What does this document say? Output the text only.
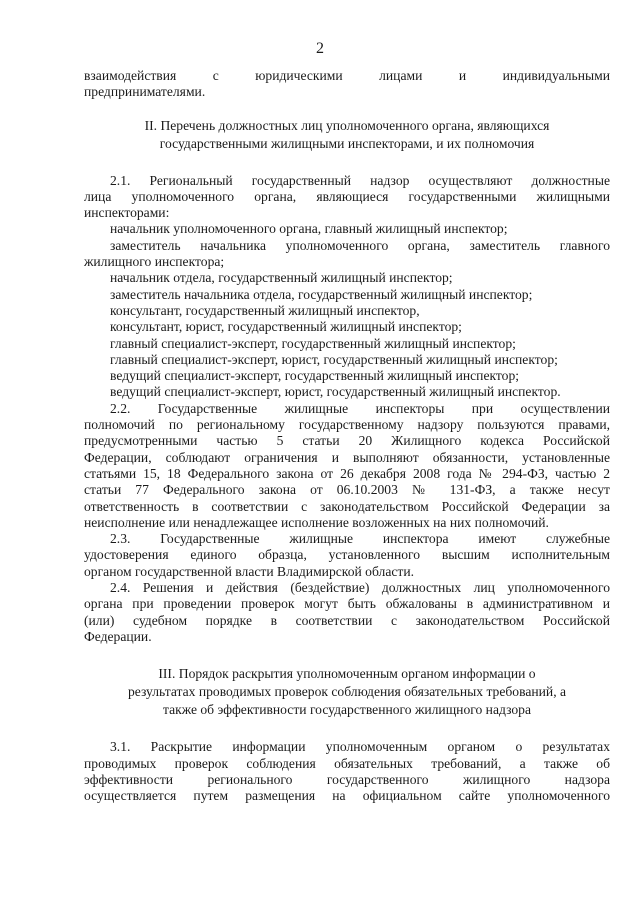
2

взаимодействия с юридическими лицами и индивидуальными

предпринимателями.

II. Перечень должностных лиц уполномоченного органа, являющихся

государственными жилищными инспекторами, и их полномочия

2.1. Региональный государственный надзор осуществляют должностные

лица уполномоченного органа, являющиеся государственными жилищными

инспекторами:

начальник уполномоченного органа, главный жилищный инспектор;

заместитель начальника уполномоченного органа, заместитель главного

жилищного инспектора;

начальник отдела, государственный жилищный инспектор;

заместитель начальника отдела, государственный жилищный инспектор;

консультант, государственный жилищный инспектор,

консультант, юрист, государственный жилищный инспектор;

главный специалист-эксперт, государственный жилищный инспектор;

главный специалист-эксперт, юрист, государственный жилищный инспектор;

ведущий специалист-эксперт, государственный жилищный инспектор;

ведущий специалист-эксперт, юрист, государственный жилищный инспектор.

2.2. Государственные жилищные инспекторы при осуществлении

полномочий по региональному государственному надзору пользуются правами,

предусмотренными частью 5 статьи 20 Жилищного кодекса Российской

Федерации, соблюдают ограничения и выполняют обязанности, установленные

статьями 15, 18 Федерального закона от 26 декабря 2008 года № 294-ФЗ, частью 2

статьи 77 Федерального закона от 06.10.2003 № 131-ФЗ, а также несут

ответственность в соответствии с законодательством Российской Федерации за

неисполнение или ненадлежащее исполнение возложенных на них полномочий.

2.3. Государственные жилищные инспектора имеют служебные

удостоверения единого образца, установленного высшим исполнительным

органом государственной власти Владимирской области.

2.4. Решения и действия (бездействие) должностных лиц уполномоченного

органа при проведении проверок могут быть обжалованы в административном и

(или) судебном порядке в соответствии с законодательством Российской

Федерации.

III. Порядок раскрытия уполномоченным органом информации о

результатах проводимых проверок соблюдения обязательных требований, а

также об эффективности государственного жилищного надзора

3.1. Раскрытие информации уполномоченным органом о результатах

проводимых проверок соблюдения обязательных требований, а также об

эффективности регионального государственного жилищного надзора

осуществляется путем размещения на официальном сайте уполномоченного
